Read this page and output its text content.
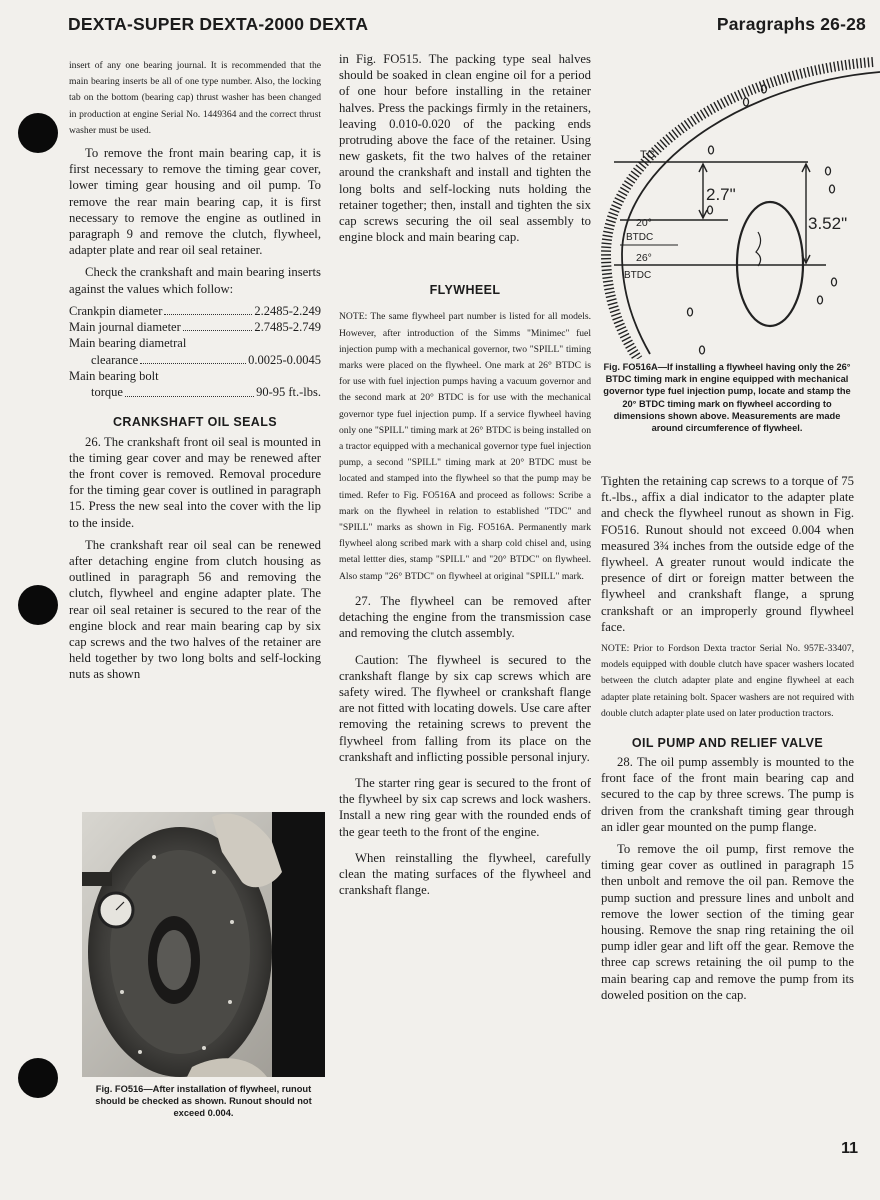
DEXTA-SUPER DEXTA-2000 DEXTA	Paragraphs 26-28

insert of any one bearing journal. It is recommended that the main bearing inserts be all of one type number. Also, the locking tab on the bottom (bearing cap) thrust washer has been changed in production at engine Serial No. 1449364 and the correct thrust washer must be used.

To remove the front main bearing cap, it is first necessary to remove the timing gear cover, lower timing gear housing and oil pump. To remove the rear main bearing cap, it is first necessary to remove the engine as outlined in paragraph 9 and remove the clutch, flywheel, adapter plate and rear oil seal retainer.

Check the crankshaft and main bearing inserts against the values which follow:

Crankpin diameter	2.2485-2.249
Main journal diameter	2.7485-2.749
Main bearing diametral
clearance	0.0025-0.0045
Main bearing bolt
torque	90-95 ft.-lbs.
CRANKSHAFT OIL SEALS

26. The crankshaft front oil seal is mounted in the timing gear cover and may be renewed after the front cover is removed. Removal procedure for the timing gear cover is outlined in paragraph 15. Press the new seal into the cover with the lip to the inside.

The crankshaft rear oil seal can be renewed after detaching engine from clutch housing as outlined in paragraph 56 and removing the clutch, flywheel and engine adapter plate. The rear oil seal retainer is secured to the rear of the engine block and rear main bearing cap by six cap screws and the two halves of the retainer are held together by two long bolts and self-locking nuts as shown

in Fig. FO515. The packing type seal halves should be soaked in clean engine oil for a period of one hour before installing in the retainer halves. Press the packings firmly in the retainers, leaving 0.010-0.020 of the packing ends protruding above the face of the retainer. Using new gaskets, fit the two halves of the retainer around the crankshaft and install and tighten the long bolts and self-locking nuts holding the retainer together; then, install and tighten the six cap screws securing the oil seal assembly to engine block and main bearing cap.

FLYWHEEL

NOTE: The same flywheel part number is listed for all models. However, after introduction of the Simms "Minimec" fuel injection pump with a mechanical governor, two "SPILL" timing marks were placed on the flywheel. One mark at 26° BTDC is for use with fuel injection pumps having a vacuum governor and the second mark at 20° BTDC is for use with the mechanical governor type fuel injection pump. If a service flywheel having only one "SPILL" timing mark at 26° BTDC is being installed on a tractor equipped with a mechanical governor type fuel injection pump, a second "SPILL" timing mark at 20° BTDC must be located and stamped into the flywheel so that the pump may be timed. Refer to Fig. FO516A and proceed as follows: Scribe a mark on the flywheel in relation to established "TDC" and "SPILL" marks as shown in Fig. FO516A. Permanently mark flywheel along scribed mark with a sharp cold chisel and, using metal lettter dies, stamp "SPILL" and "20° BTDC" on flywheel. Also stamp "26° BTDC" on flywheel at original "SPILL" mark.

27. The flywheel can be removed after detaching the engine from the transmission case and removing the clutch assembly.

Caution: The flywheel is secured to the crankshaft flange by six cap screws which are safety wired. The flywheel or crankshaft flange are not fitted with locating dowels. Use care after removing the retaining screws to prevent the flywheel from falling from its place on the crankshaft and inflicting possible personal injury.

The starter ring gear is secured to the front of the flywheel by six cap screws and lock washers. Install a new ring gear with the rounded ends of the gear teeth to the front of the engine.

When reinstalling the flywheel, carefully clean the mating surfaces of the flywheel and crankshaft flange.

Tighten the retaining cap screws to a torque of 75 ft.-lbs., affix a dial indicator to the adapter plate and check the flywheel runout as shown in Fig. FO516. Runout should not exceed 0.004 when measured 3¾ inches from the outside edge of the flywheel. A greater runout would indicate the presence of dirt or foreign matter between the flywheel and crankshaft flange, a sprung crankshaft or an improperly ground flywheel face.

NOTE: Prior to Fordson Dexta tractor Serial No. 957E-33407, models equipped with double clutch have spacer washers located between the clutch adapter plate and engine flywheel at each adapter plate retaining bolt. Spacer washers are not required with double clutch adapter plate used on later production tractors.

OIL PUMP AND RELIEF VALVE

28. The oil pump assembly is mounted to the front face of the front main bearing cap and secured to the cap by three screws. The pump is driven from the crankshaft timing gear through an idler gear mounted on the pump flange.

To remove the oil pump, first remove the timing gear cover as outlined in paragraph 15 then unbolt and remove the oil pan. Remove the pump suction and pressure lines and unbolt and remove the lower section of the timing gear housing. Remove the snap ring retaining the oil pump idler gear and lift off the gear. Remove the three cap screws retaining the oil pump to the main bearing cap and remove the pump from its doweled position on the cap.

TC
20°
BTDC
26°
BTDC
2.7"
3.52"
Fig. FO516A—If installing a flywheel having only the 26° BTDC timing mark in engine equipped with mechanical governor type fuel injection pump, locate and stamp the 20° BTDC timing mark on flywheel according to dimensions shown above. Measurements are made around circumference of flywheel.
Fig. FO516—After installation of flywheel, runout should be checked as shown. Runout should not exceed 0.004.
11
